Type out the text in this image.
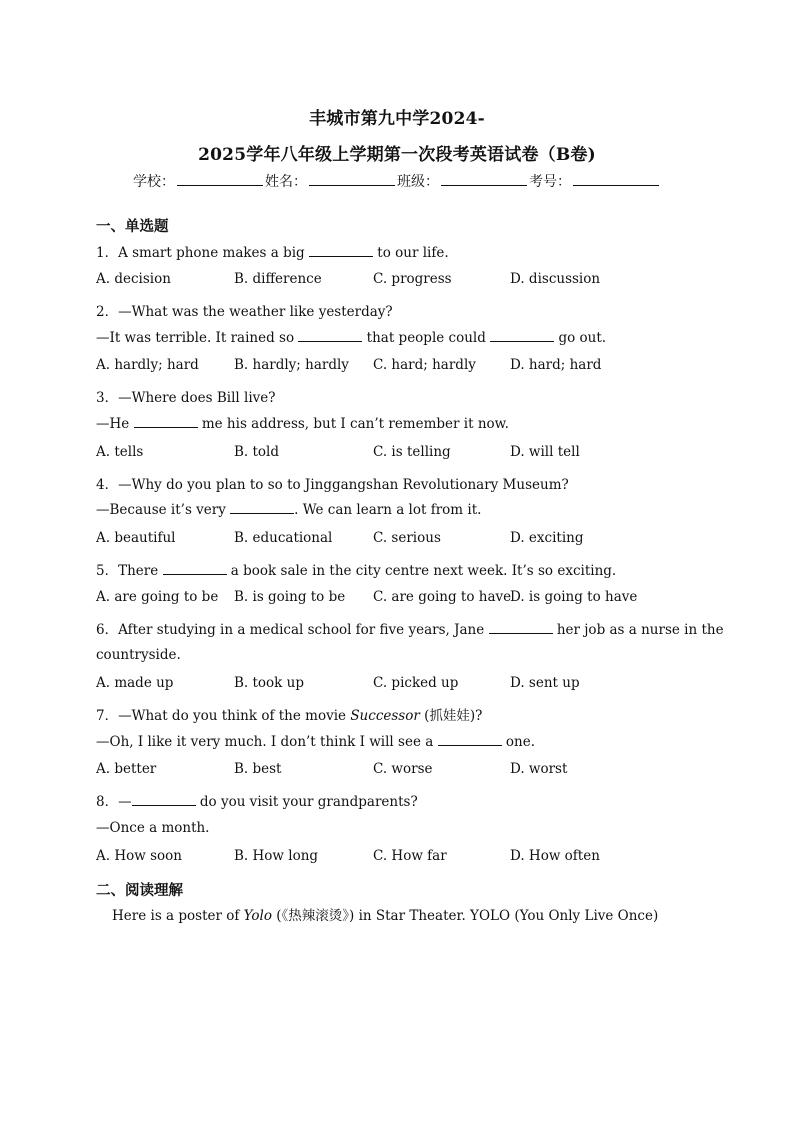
丰城市第九中学2024-
2025学年八年级上学期第一次段考英语试卷（B卷)
学校：	姓名：	班级：	考号：
一、单选题
1．A smart phone makes a big	to our life.
A. decision	B. difference	C. progress	D. discussion
2．—What was the weather like yesterday?
—It was terrible. It rained so	that people could	go out.
A. hardly; hard	B. hardly; hardly C. hard; hardly	D. hard; hard
3．—Where does Bill live?
—He	me his address, but I can’t remember it now.
A. tells	B. told	C. is telling	D. will tell
4．—Why do you plan to so to Jinggangshan Revolutionary Museum?
—Because it’s very	. We can learn a lot from it.
A. beautiful	B. educational	C. serious	D. exciting
5．There	a book sale in the city centre next week. It’s so exciting.
A. are going to be B. is going to be C. are going to have
D. is going to have
6．After studying in a medical school for five years, Jane	her job as a nurse in the
countryside.
A. made up	B. took up	C. picked up	D. sent up
7．—What do you think of the movie Successor (抓娃娃)?
—Oh, I like it very much. I don’t think I will see a	one.
A. better	B. best	C. worse	D. worst
8．—	do you visit your grandparents?
—Once a month.
A. How soon	B. How long	C. How far	D. How often
二、阅读理解
Here is a poster of Yolo (《热辣滚烫》) in Star Theater. YOLO (You Only Live Once)
